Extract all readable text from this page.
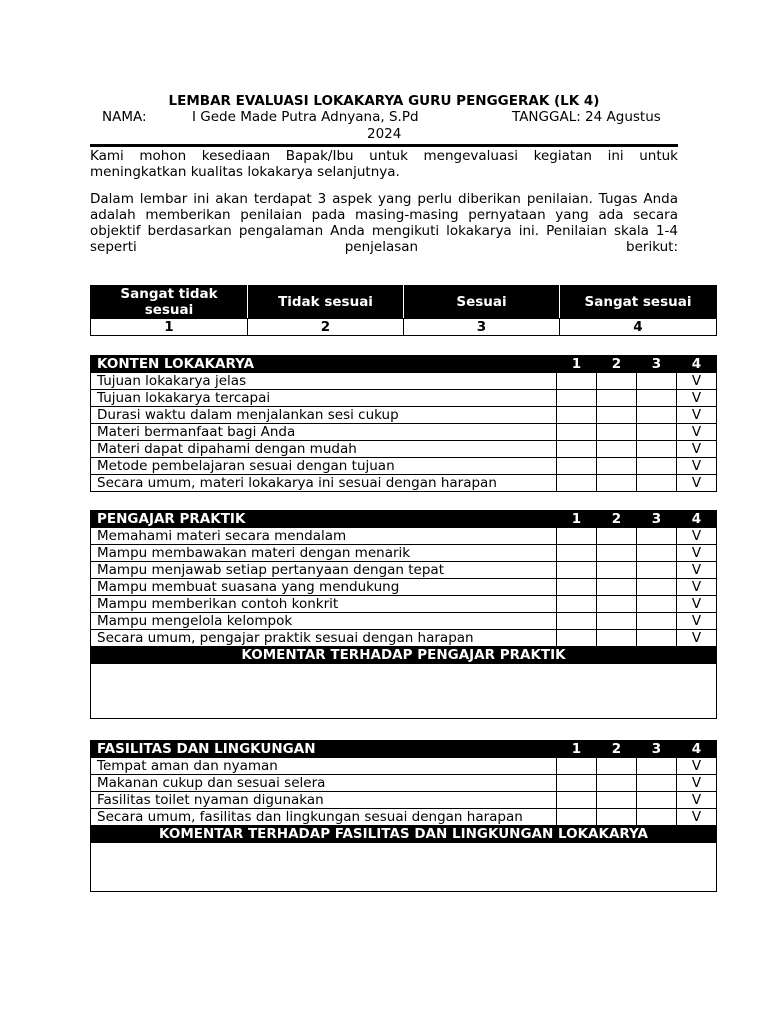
LEMBAR EVALUASI LOKAKARYA GURU PENGGERAK (LK 4)
NAMA:	I Gede Made Putra Adnyana, S.Pd	TANGGAL: 24 Agustus
2024
Kami mohon kesediaan Bapak/Ibu untuk mengevaluasi kegiatan ini untuk
meningkatkan kualitas lokakarya selanjutnya.
Dalam lembar ini akan terdapat 3 aspek yang perlu diberikan penilaian. Tugas Anda
adalah memberikan penilaian pada masing-masing pernyataan yang ada secara
objektif berdasarkan pengalaman Anda mengikuti lokakarya ini. Penilaian skala 1-4
seperti penjelasan berikut:
Sangat tidak sesuai	Tidak sesuai	Sesuai	Sangat sesuai
1	2	3	4
KONTEN LOKAKARYA	1	2	3	4
Tujuan lokakarya jelas				V
Tujuan lokakarya tercapai				V
Durasi waktu dalam menjalankan sesi cukup				V
Materi bermanfaat bagi Anda				V
Materi dapat dipahami dengan mudah				V
Metode pembelajaran sesuai dengan tujuan				V
Secara umum, materi lokakarya ini sesuai dengan harapan				V
PENGAJAR PRAKTIK	1	2	3	4
Memahami materi secara mendalam				V
Mampu membawakan materi dengan menarik				V
Mampu menjawab setiap pertanyaan dengan tepat				V
Mampu membuat suasana yang mendukung				V
Mampu memberikan contoh konkrit				V
Mampu mengelola kelompok				V
Secara umum, pengajar praktik sesuai dengan harapan				V
KOMENTAR TERHADAP PENGAJAR PRAKTIK				

FASILITAS DAN LINGKUNGAN	1	2	3	4
Tempat aman dan nyaman				V
Makanan cukup dan sesuai selera				V
Fasilitas toilet nyaman digunakan				V
Secara umum, fasilitas dan lingkungan sesuai dengan harapan				V
KOMENTAR TERHADAP FASILITAS DAN LINGKUNGAN LOKAKARYA				
